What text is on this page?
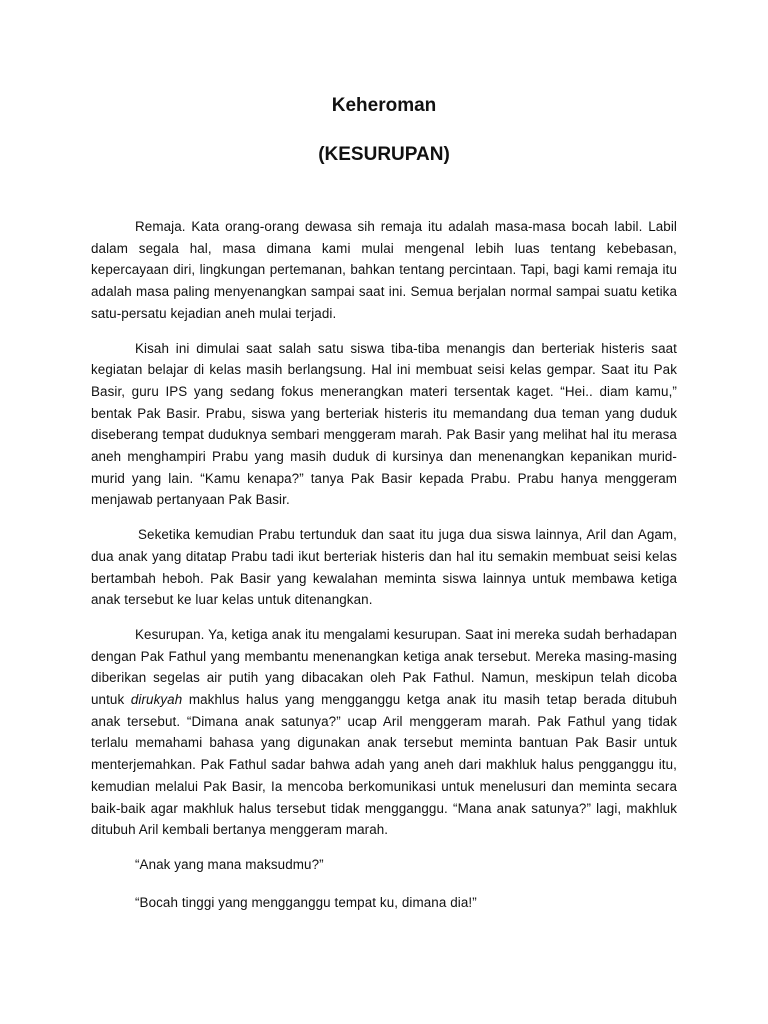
Keheroman
(KESURUPAN)

Remaja. Kata orang-orang dewasa sih remaja itu adalah masa-masa bocah labil. Labil dalam segala hal, masa dimana kami mulai mengenal lebih luas tentang kebebasan, kepercayaan diri, lingkungan pertemanan, bahkan tentang percintaan. Tapi, bagi kami remaja itu adalah masa paling menyenangkan sampai saat ini. Semua berjalan normal sampai suatu ketika satu-persatu kejadian aneh mulai terjadi.

Kisah ini dimulai saat salah satu siswa tiba-tiba menangis dan berteriak histeris saat kegiatan belajar di kelas masih berlangsung. Hal ini membuat seisi kelas gempar. Saat itu Pak Basir, guru IPS yang sedang fokus menerangkan materi tersentak kaget. “Hei.. diam kamu,” bentak Pak Basir. Prabu, siswa yang berteriak histeris itu memandang dua teman yang duduk diseberang tempat duduknya sembari menggeram marah. Pak Basir yang melihat hal itu merasa aneh menghampiri Prabu yang masih duduk di kursinya dan menenangkan kepanikan murid-murid yang lain. “Kamu kenapa?” tanya Pak Basir kepada Prabu. Prabu hanya menggeram menjawab pertanyaan Pak Basir.

Seketika kemudian Prabu tertunduk dan saat itu juga dua siswa lainnya, Aril dan Agam, dua anak yang ditatap Prabu tadi ikut berteriak histeris dan hal itu semakin membuat seisi kelas bertambah heboh. Pak Basir yang kewalahan meminta siswa lainnya untuk membawa ketiga anak tersebut ke luar kelas untuk ditenangkan.

Kesurupan. Ya, ketiga anak itu mengalami kesurupan. Saat ini mereka sudah berhadapan dengan Pak Fathul yang membantu menenangkan ketiga anak tersebut. Mereka masing-masing diberikan segelas air putih yang dibacakan oleh Pak Fathul. Namun, meskipun telah dicoba untuk dirukyah makhlus halus yang mengganggu ketga anak itu masih tetap berada ditubuh anak tersebut. “Dimana anak satunya?” ucap Aril menggeram marah. Pak Fathul yang tidak terlalu memahami bahasa yang digunakan anak tersebut meminta bantuan Pak Basir untuk menterjemahkan. Pak Fathul sadar bahwa adah yang aneh dari makhluk halus pengganggu itu, kemudian melalui Pak Basir, Ia mencoba berkomunikasi untuk menelusuri dan meminta secara baik-baik agar makhluk halus tersebut tidak mengganggu. “Mana anak satunya?” lagi, makhluk ditubuh Aril kembali bertanya menggeram marah.

“Anak yang mana maksudmu?”

“Bocah tinggi yang mengganggu tempat ku, dimana dia!”
